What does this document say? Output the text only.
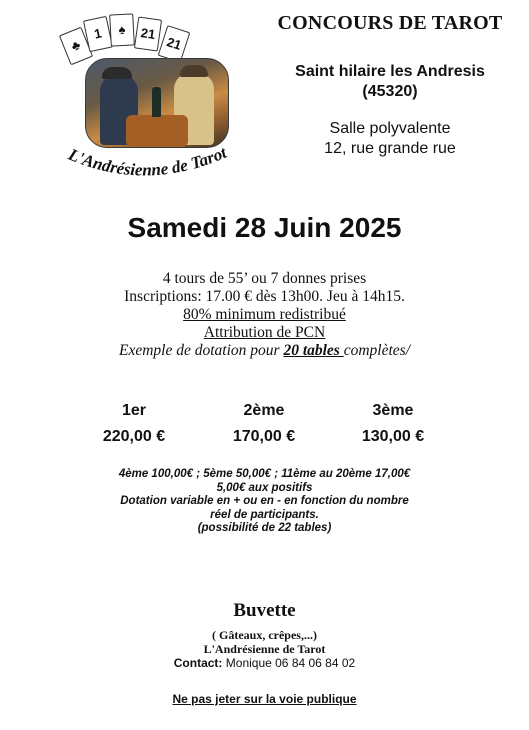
♣
1	♠	21
21
L'Andrésienne de Tarot
CONCOURS DE TAROT
Saint hilaire les Andresis
(45320)
Salle polyvalente
12, rue grande rue
Samedi 28 Juin 2025
4 tours de 55’ ou 7 donnes prises
Inscriptions: 17.00 € dès 13h00. Jeu à 14h15.
80% minimum redistribué
Attribution de PCN
Exemple de dotation pour 20 tables complètes/
1er
220,00 €
2ème
170,00 €
3ème
130,00 €
4ème 100,00€ ; 5ème 50,00€ ; 11ème au 20ème 17,00€
5,00€ aux positifs
Dotation variable en + ou en - en fonction du nombre
réel de participants.
(possibilité de 22 tables)
Buvette
( Gâteaux, crêpes,...)
L'Andrésienne de Tarot
Contact: Monique 06 84 06 84 02
Ne pas jeter sur la voie publique
